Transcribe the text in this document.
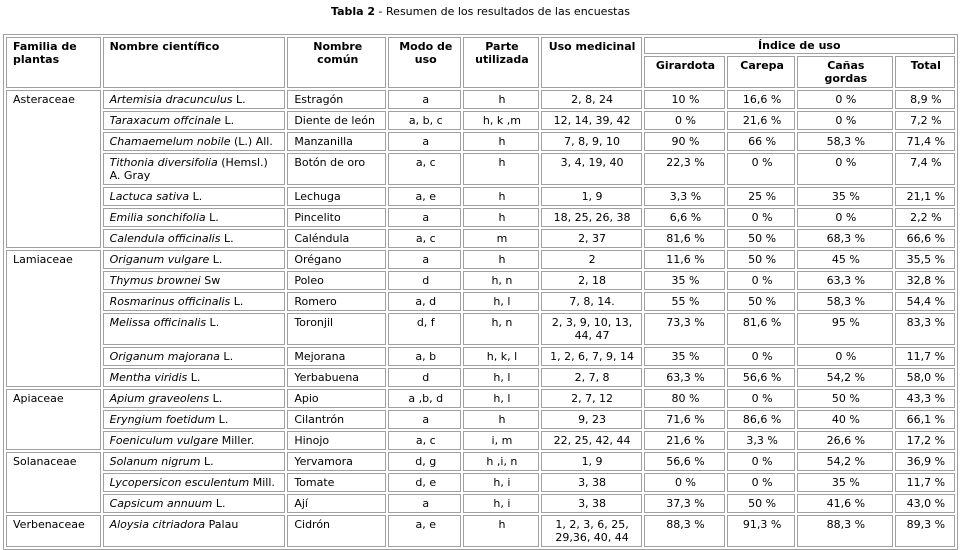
Tabla 2 - Resumen de los resultados de las encuestas
Familia de plantas	Nombre científico	Nombre común	Modo de uso	Parte utilizada	Uso medicinal	Índice de uso			
						Girardota	Carepa	Cañas gordas	Total
Asteraceae	Artemisia dracunculus L.	Estragón	a	h	2, 8, 24	10 %	16,6 %	0 %	8,9 %
	Taraxacum offcinale L.	Diente de león	a, b, c	h, k ,m	12, 14, 39, 42	0 %	21,6 %	0 %	7,2 %
	Chamaemelum nobile (L.) All.	Manzanilla	a	h	7, 8, 9, 10	90 %	66 %	58,3 %	71,4 %
	Tithonia diversifolia (Hemsl.) A. Gray	Botón de oro	a, c	h	3, 4, 19, 40	22,3 %	0 %	0 %	7,4 %
	Lactuca sativa L.	Lechuga	a, e	h	1, 9	3,3 %	25 %	35 %	21,1 %
	Emilia sonchifolia L.	Pincelito	a	h	18, 25, 26, 38	6,6 %	0 %	0 %	2,2 %
	Calendula officinalis L.	Caléndula	a, c	m	2, 37	81,6 %	50 %	68,3 %	66,6 %
Lamiaceae	Origanum vulgare L.	Orégano	a	h	2	11,6 %	50 %	45 %	35,5 %
	Thymus brownei Sw	Poleo	d	h, n	2, 18	35 %	0 %	63,3 %	32,8 %
	Rosmarinus officinalis L.	Romero	a, d	h, l	7, 8, 14.	55 %	50 %	58,3 %	54,4 %
	Melissa officinalis L.	Toronjil	d, f	h, n	2, 3, 9, 10, 13, 44, 47	73,3 %	81,6 %	95 %	83,3 %
	Origanum majorana L.	Mejorana	a, b	h, k, l	1, 2, 6, 7, 9, 14	35 %	0 %	0 %	11,7 %
	Mentha viridis L.	Yerbabuena	d	h, l	2, 7, 8	63,3 %	56,6 %	54,2 %	58,0 %
Apiaceae	Apium graveolens L.	Apio	a ,b, d	h, l	2, 7, 12	80 %	0 %	50 %	43,3 %
	Eryngium foetidum L.	Cilantrón	a	h	9, 23	71,6 %	86,6 %	40 %	66,1 %
	Foeniculum vulgare Miller.	Hinojo	a, c	i, m	22, 25, 42, 44	21,6 %	3,3 %	26,6 %	17,2 %
Solanaceae	Solanum nigrum L.	Yervamora	d, g	h ,i, n	1, 9	56,6 %	0 %	54,2 %	36,9 %
	Lycopersicon esculentum Mill.	Tomate	d, e	h, i	3, 38	0 %	0 %	35 %	11,7 %
	Capsicum annuum L.	Ají	a	h, i	3, 38	37,3 %	50 %	41,6 %	43,0 %
Verbenaceae	Aloysia citriadora Palau	Cidrón	a, e	h	1, 2, 3, 6, 25, 29,36, 40, 44	88,3 %	91,3 %	88,3 %	89,3 %
